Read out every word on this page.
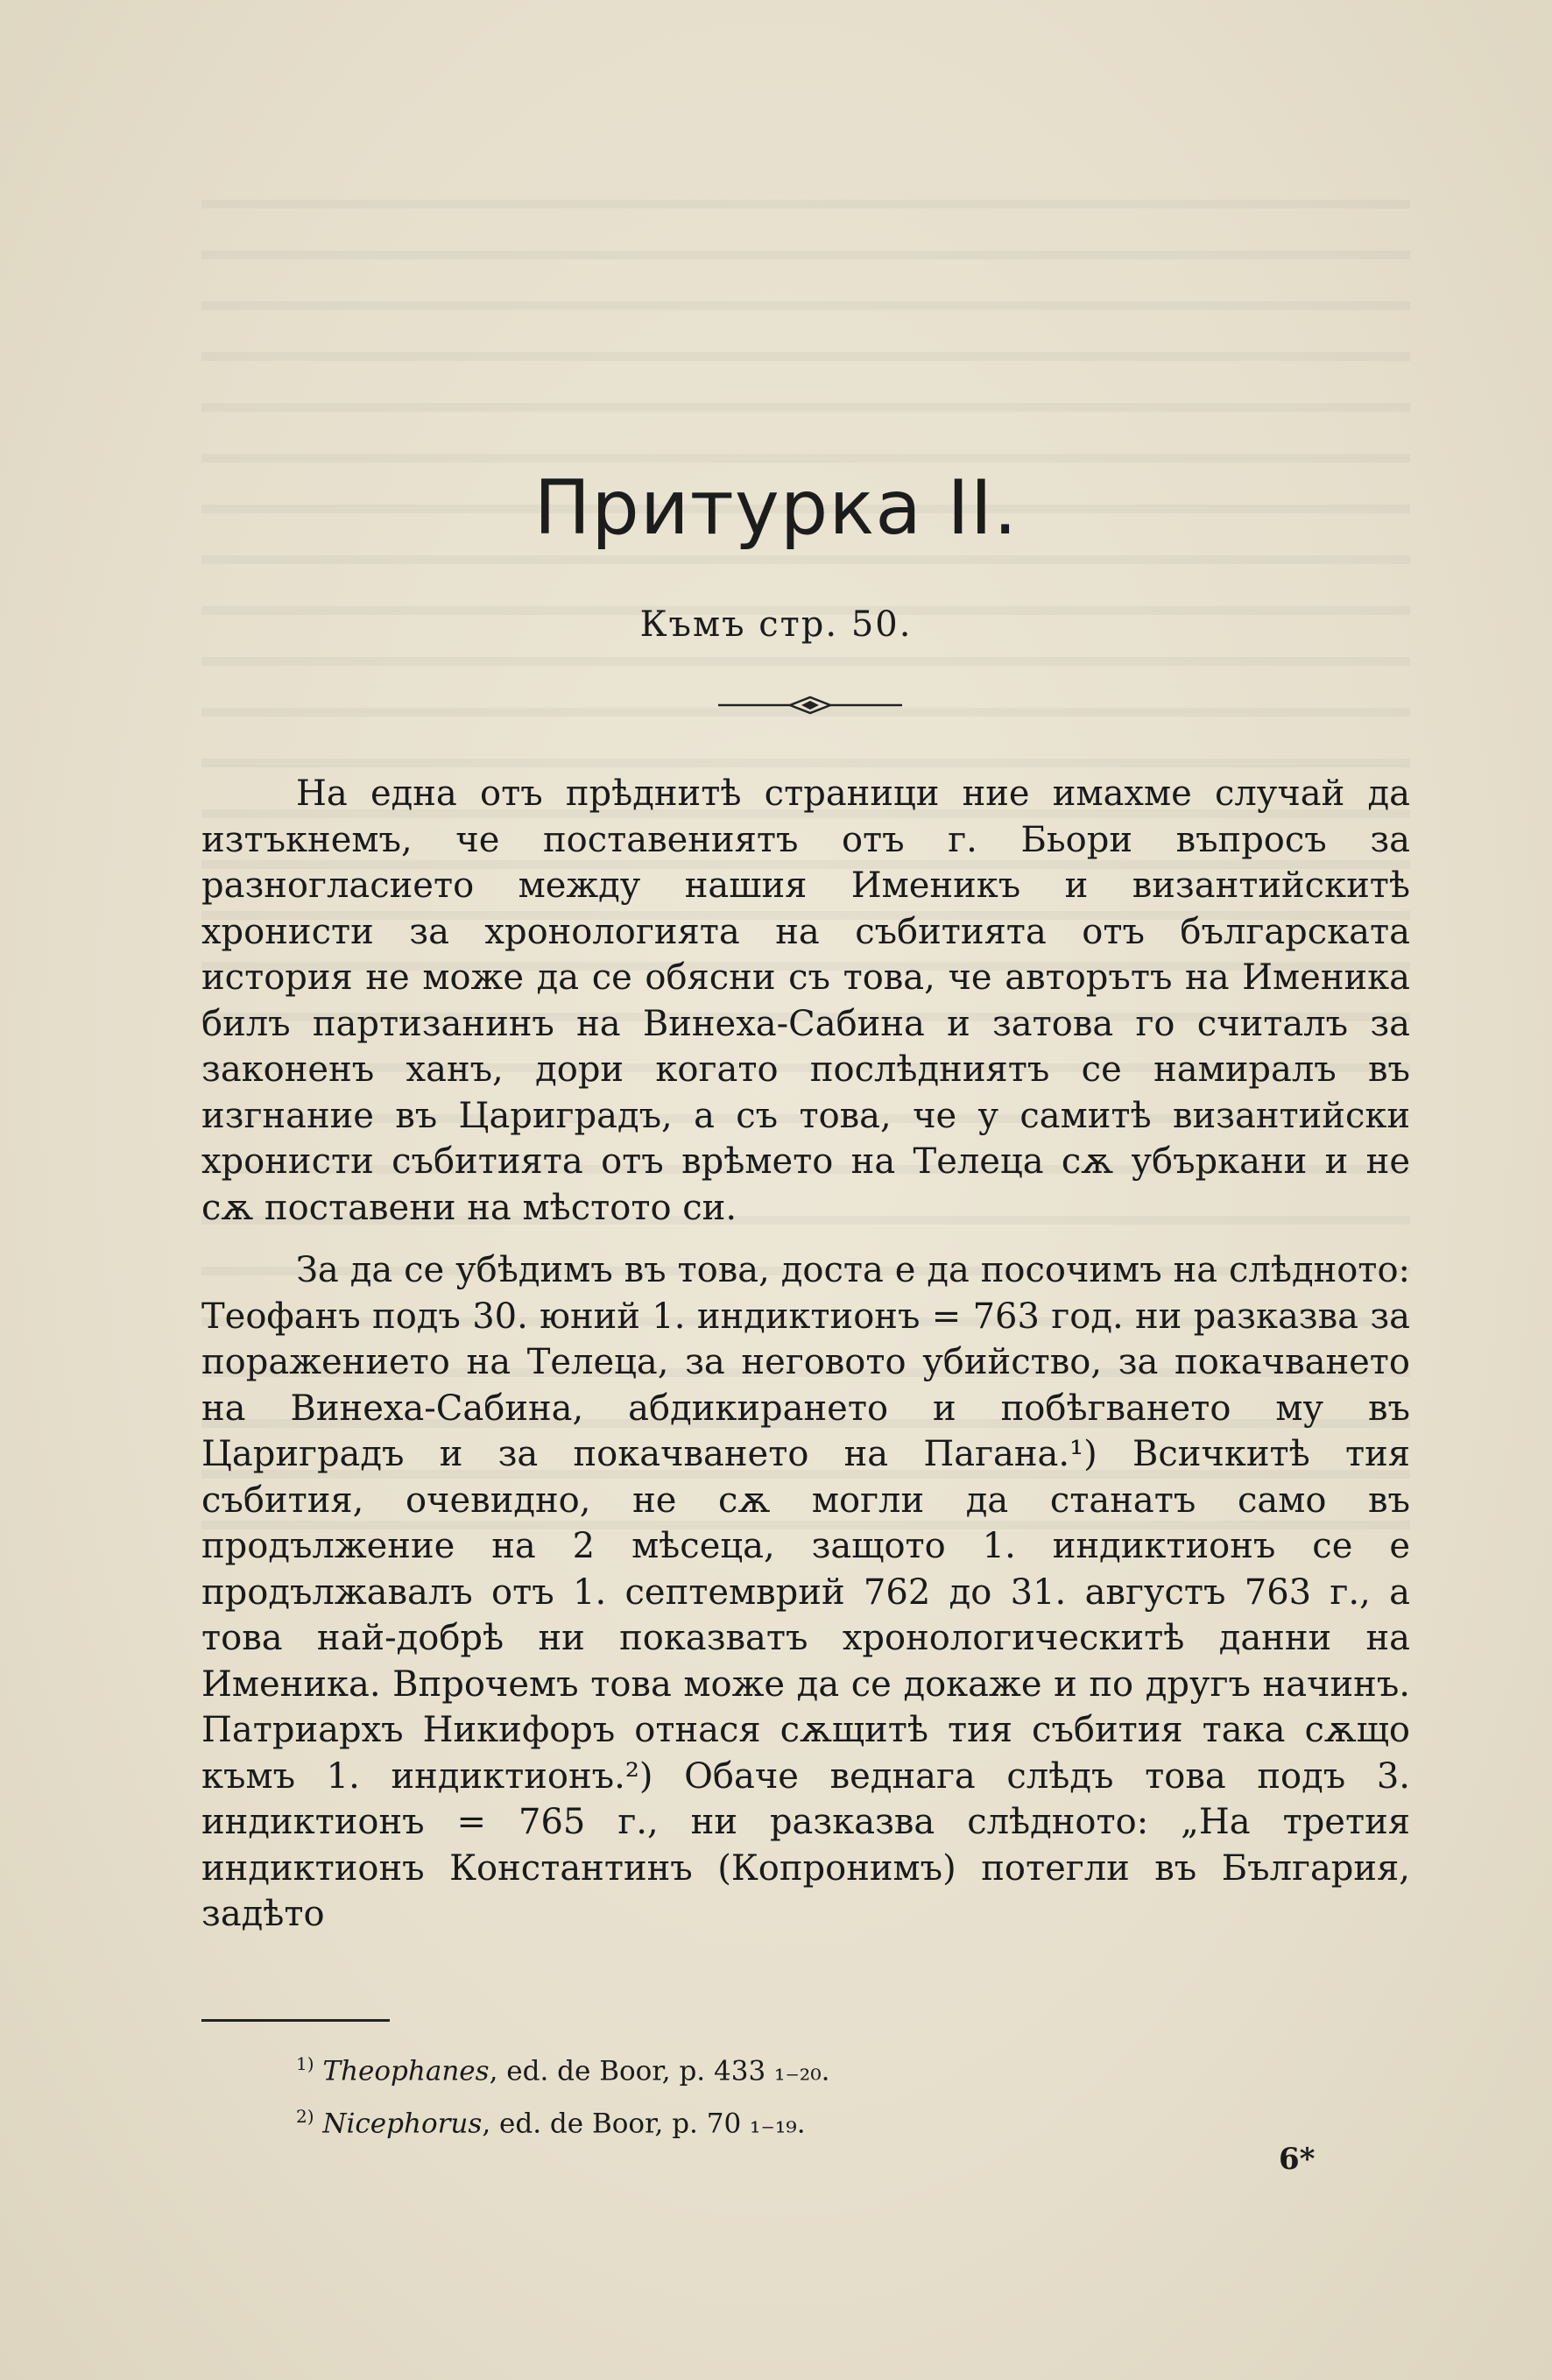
Притурка II.
Къмъ стр. 50.

На една отъ прѣднитѣ страници ние имахме случай да изтъкнемъ, че поставениятъ отъ г. Бьори въпросъ за разногласието между нашия Именикъ и византийскитѣ хронисти за хронологията на събитията отъ българската история не може да се обясни съ това, че авторътъ на Именика билъ партизанинъ на Винеха-Сабина и затова го считалъ за законенъ ханъ, дори когато послѣдниятъ се намиралъ въ изгнание въ Цариградъ, а съ това, че у самитѣ византийски хронисти събитията отъ врѣмето на Телеца сѫ убъркани и не сѫ поставени на мѣстото си.

За да се убѣдимъ въ това, доста е да посочимъ на слѣдното: Теофанъ подъ 30. юний 1. индиктионъ = 763 год. ни разказва за поражението на Телеца, за неговото убийство, за покачването на Винеха-Сабина, абдикирането и побѣгването му въ Цариградъ и за покачването на Пагана.¹) Всичкитѣ тия събития, очевидно, не сѫ могли да станатъ само въ продължение на 2 мѣсеца, защото 1. индиктионъ се е продължавалъ отъ 1. септемврий 762 до 31. августъ 763 г., а това най-добрѣ ни показватъ хронологическитѣ данни на Именика. Впрочемъ това може да се докаже и по другъ начинъ. Патриархъ Никифоръ отнася сѫщитѣ тия събития така сѫщо къмъ 1. индиктионъ.²) Обаче веднага слѣдъ това подъ 3. индиктионъ = 765 г., ни разказва слѣдното: „На третия индиктионъ Константинъ (Копронимъ) потегли въ България, задѣто

$^{1)}$ Theophanes, ed. de Boor, p. 433 ₁₋₂₀.
$^{2)}$ Nicephorus, ed. de Boor, p. 70 ₁₋₁₉.
6*
